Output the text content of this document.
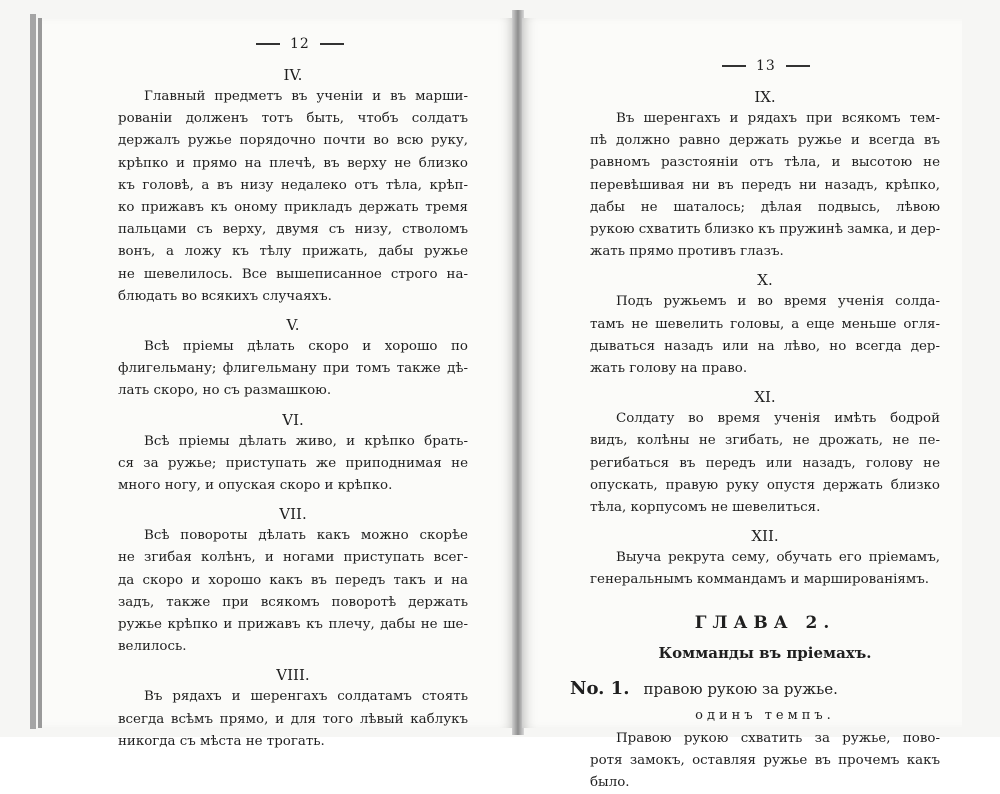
12
IV.
Главный предметъ въ ученіи и въ марши-
рованіи долженъ тотъ быть, чтобъ солдатъ
держалъ ружье порядочно почти во всю руку,
крѣпко и прямо на плечѣ, въ верху не близко
къ головѣ, а въ низу недалеко отъ тѣла, крѣп-
ко прижавъ къ оному прикладъ держать тремя
пальцами съ верху, двумя съ низу, стволомъ
вонъ, а ложу къ тѣлу прижать, дабы ружье
не шевелилось. Все вышеписанное строго на-
блюдать во всякихъ случаяхъ.
V.
Всѣ пріемы дѣлать скоро и хорошо по
флигельману; флигельману при томъ также дѣ-
лать скоро, но съ размашкою.
VI.
Всѣ пріемы дѣлать живо, и крѣпко брать-
ся за ружье; приступать же приподнимая не
много ногу, и опуская скоро и крѣпко.
VII.
Всѣ повороты дѣлать какъ можно скорѣе
не згибая колѣнъ, и ногами приступать всег-
да скоро и хорошо какъ въ передъ такъ и на
задъ, также при всякомъ поворотѣ держать
ружье крѣпко и прижавъ къ плечу, дабы не ше-
велилось.
VIII.
Въ рядахъ и шеренгахъ солдатамъ стоять
всегда всѣмъ прямо, и для того лѣвый каблукъ
никогда съ мѣста не трогать.
13
IX.
Въ шеренгахъ и рядахъ при всякомъ тем-
пѣ должно равно держать ружье и всегда въ
равномъ разстояніи отъ тѣла, и высотою не
перевѣшивая ни въ передъ ни назадъ, крѣпко,
дабы не шаталось; дѣлая подвысь, лѣвою
рукою схватить близко къ пружинѣ замка, и дер-
жать прямо противъ глазъ.
X.
Подъ ружьемъ и во время ученія солда-
тамъ не шевелить головы, а еще меньше огля-
дываться назадъ или на лѣво, но всегда дер-
жать голову на право.
XI.
Солдату во время ученія имѣть бодрой
видъ, колѣны не згибать, не дрожать, не пе-
регибаться въ передъ или назадъ, голову не
опускать, правую руку опустя держать близко
тѣла, корпусомъ не шевелиться.
XII.
Выуча рекрута сему, обучать его пріемамъ,
генеральнымъ коммандамъ и маршированіямъ.
ГЛАВА 2.
Комманды въ пріемахъ.
No. 1. правою рукою за ружье.
одинъ темпъ.
Правою рукою схватить за ружье, пово-
ротя замокъ, оставляя ружье въ прочемъ какъ
было.
